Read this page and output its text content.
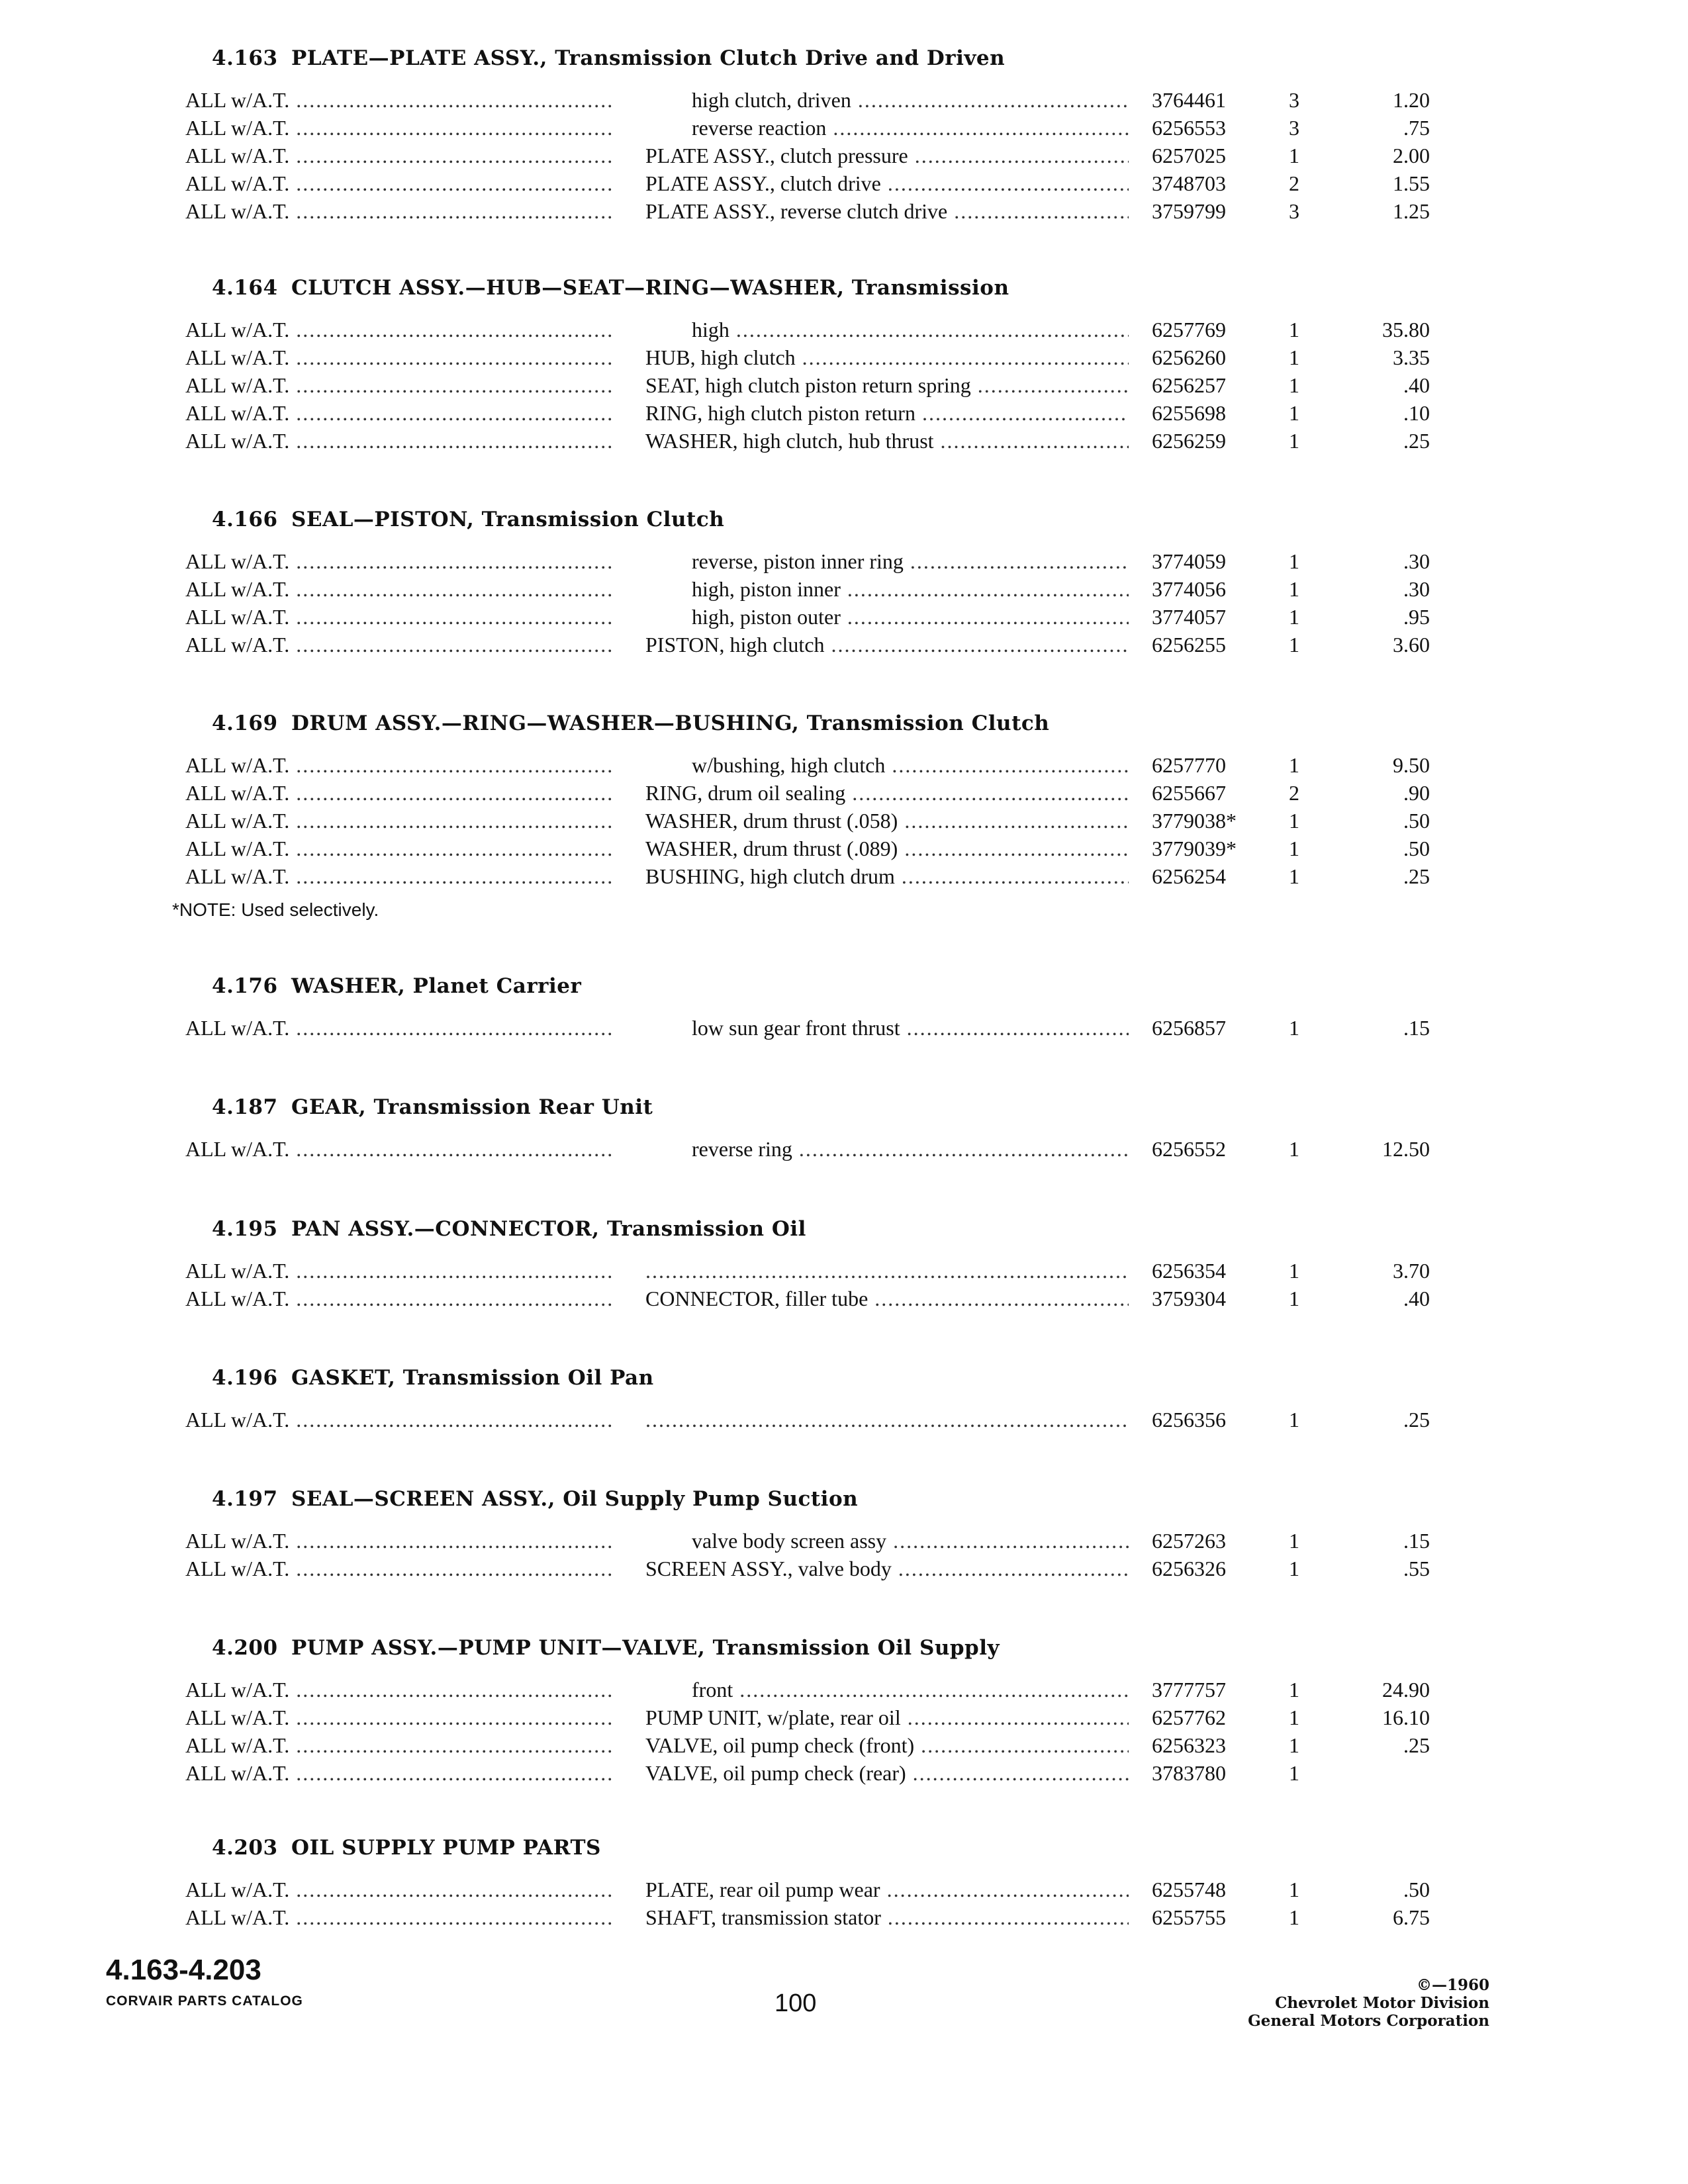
4.163 PLATE—PLATE ASSY., Transmission Clutch Drive and Driven
ALL w/A.T. .....	high clutch, driven .....	3764461	3	1.20
ALL w/A.T. .....	reverse reaction .....	6256553	3	.75
ALL w/A.T. .....	PLATE ASSY., clutch pressure .....	6257025	1	2.00
ALL w/A.T. .....	PLATE ASSY., clutch drive .....	3748703	2	1.55
ALL w/A.T. .....	PLATE ASSY., reverse clutch drive .....	3759799	3	1.25
4.164 CLUTCH ASSY.—HUB—SEAT—RING—WASHER, Transmission
ALL w/A.T. .....	high .....	6257769	1	35.80
ALL w/A.T. .....	HUB, high clutch .....	6256260	1	3.35
ALL w/A.T. .....	SEAT, high clutch piston return spring .....	6256257	1	.40
ALL w/A.T. .....	RING, high clutch piston return .....	6255698	1	.10
ALL w/A.T. .....	WASHER, high clutch, hub thrust .....	6256259	1	.25
4.166 SEAL—PISTON, Transmission Clutch
ALL w/A.T. .....	reverse, piston inner ring .....	3774059	1	.30
ALL w/A.T. .....	high, piston inner .....	3774056	1	.30
ALL w/A.T. .....	high, piston outer .....	3774057	1	.95
ALL w/A.T. .....	PISTON, high clutch .....	6256255	1	3.60
4.169 DRUM ASSY.—RING—WASHER—BUSHING, Transmission Clutch
ALL w/A.T. .....	w/bushing, high clutch .....	6257770	1	9.50
ALL w/A.T. .....	RING, drum oil sealing .....	6255667	2	.90
ALL w/A.T. .....	WASHER, drum thrust (.058) .....	3779038*	1	.50
ALL w/A.T. .....	WASHER, drum thrust (.089) .....	3779039*	1	.50
ALL w/A.T. .....	BUSHING, high clutch drum .....	6256254	1	.25
*NOTE: Used selectively.
4.176 WASHER, Planet Carrier
ALL w/A.T. .....	low sun gear front thrust .....	6256857	1	.15
4.187 GEAR, Transmission Rear Unit
ALL w/A.T. .....	reverse ring .....	6256552	1	12.50
4.195 PAN ASSY.—CONNECTOR, Transmission Oil
ALL w/A.T. ..... .....	6256354	1	3.70
ALL w/A.T. .....	CONNECTOR, filler tube .....	3759304	1	.40
4.196 GASKET, Transmission Oil Pan
ALL w/A.T. ..... .....	6256356	1	.25
4.197 SEAL—SCREEN ASSY., Oil Supply Pump Suction
ALL w/A.T. .....	valve body screen assy .....	6257263	1	.15
ALL w/A.T. .....	SCREEN ASSY., valve body .....	6256326	1	.55
4.200 PUMP ASSY.—PUMP UNIT—VALVE, Transmission Oil Supply
ALL w/A.T. .....	front .....	3777757	1	24.90
ALL w/A.T. .....	PUMP UNIT, w/plate, rear oil .....	6257762	1	16.10
ALL w/A.T. .....	VALVE, oil pump check (front) .....	6256323	1	.25
ALL w/A.T. .....	VALVE, oil pump check (rear) .....	3783780	1
4.203 OIL SUPPLY PUMP PARTS
ALL w/A.T. .....	PLATE, rear oil pump wear .....	6255748	1	.50
ALL w/A.T. .....	SHAFT, transmission stator .....	6255755	1	6.75
4.163-4.203
CORVAIR PARTS CATALOG	100
©—1960
Chevrolet Motor Division
General Motors Corporation
